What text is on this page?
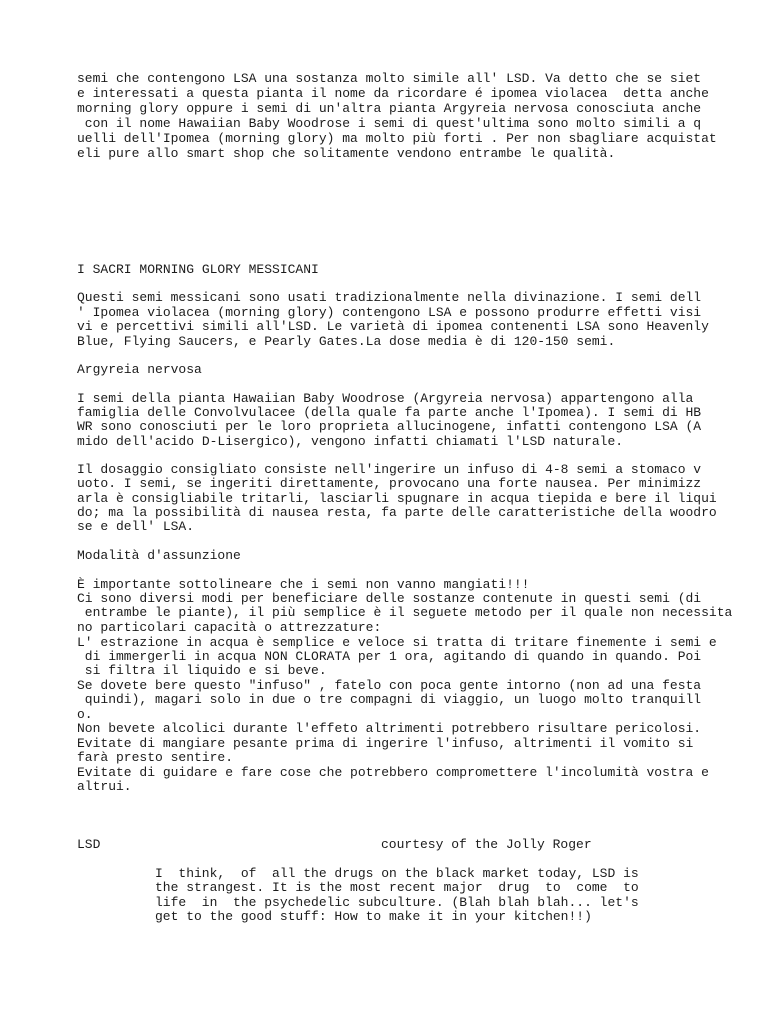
semi che contengono LSA una sostanza molto simile all' LSD. Va detto che se siet

e interessati a questa pianta il nome da ricordare é ipomea violacea  detta anche

morning glory oppure i semi di un'altra pianta Argyreia nervosa conosciuta anche

con il nome Hawaiian Baby Woodrose i semi di quest'ultima sono molto simili a q

uelli dell'Ipomea (morning glory) ma molto più forti . Per non sbagliare acquistat

eli pure allo smart shop che solitamente vendono entrambe le qualità.

I SACRI MORNING GLORY MESSICANI

Questi semi messicani sono usati tradizionalmente nella divinazione. I semi dell

' Ipomea violacea (morning glory) contengono LSA e possono produrre effetti visi

vi e percettivi simili all'LSD. Le varietà di ipomea contenenti LSA sono Heavenly

Blue, Flying Saucers, e Pearly Gates.La dose media è di 120-150 semi.

Argyreia nervosa

I semi della pianta Hawaiian Baby Woodrose (Argyreia nervosa) appartengono alla

famiglia delle Convolvulacee (della quale fa parte anche l'Ipomea). I semi di HB

WR sono conosciuti per le loro proprieta allucinogene, infatti contengono LSA (A

mido dell'acido D-Lisergico), vengono infatti chiamati l'LSD naturale.

Il dosaggio consigliato consiste nell'ingerire un infuso di 4-8 semi a stomaco v

uoto. I semi, se ingeriti direttamente, provocano una forte nausea. Per minimizz

arla è consigliabile tritarli, lasciarli spugnare in acqua tiepida e bere il liqui

do; ma la possibilità di nausea resta, fa parte delle caratteristiche della woodro

se e dell' LSA.

Modalità d'assunzione

È importante sottolineare che i semi non vanno mangiati!!!

Ci sono diversi modi per beneficiare delle sostanze contenute in questi semi (di

entrambe le piante), il più semplice è il seguete metodo per il quale non necessita

no particolari capacità o attrezzature:

L' estrazione in acqua è semplice e veloce si tratta di tritare finemente i semi e

di immergerli in acqua NON CLORATA per 1 ora, agitando di quando in quando. Poi

si filtra il liquido e si beve.

Se dovete bere questo "infuso" , fatelo con poca gente intorno (non ad una festa

quindi), magari solo in due o tre compagni di viaggio, un luogo molto tranquill

o.

Non bevete alcolici durante l'effeto altrimenti potrebbero risultare pericolosi.

Evitate di mangiare pesante prima di ingerire l'infuso, altrimenti il vomito si

farà presto sentire.

Evitate di guidare e fare cose che potrebbero compromettere l'incolumità vostra e

altrui.

LSD	courtesy of the Jolly Roger

I  think,  of  all the drugs on the black market today, LSD is

the strangest. It is the most recent major  drug  to  come  to

life  in  the psychedelic subculture. (Blah blah blah... let's

get to the good stuff: How to make it in your kitchen!!)
